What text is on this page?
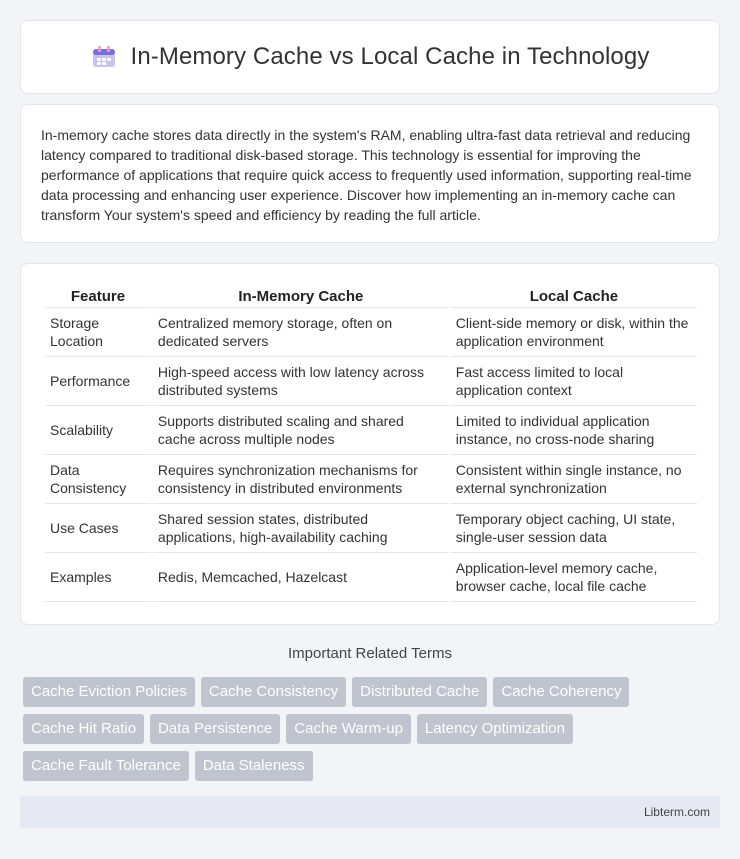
In-Memory Cache vs Local Cache in Technology

In-memory cache stores data directly in the system's RAM, enabling ultra-fast data retrieval and reducing latency compared to traditional disk-based storage. This technology is essential for improving the performance of applications that require quick access to frequently used information, supporting real-time data processing and enhancing user experience. Discover how implementing an in-memory cache can transform Your system's speed and efficiency by reading the full article.

Feature	In-Memory Cache	Local Cache
Storage Location	Centralized memory storage, often on dedicated servers	Client-side memory or disk, within the application environment
Performance	High-speed access with low latency across distributed systems	Fast access limited to local application context
Scalability	Supports distributed scaling and shared cache across multiple nodes	Limited to individual application instance, no cross-node sharing
Data Consistency	Requires synchronization mechanisms for consistency in distributed environments	Consistent within single instance, no external synchronization
Use Cases	Shared session states, distributed applications, high-availability caching	Temporary object caching, UI state, single-user session data
Examples	Redis, Memcached, Hazelcast	Application-level memory cache, browser cache, local file cache
Important Related Terms
Cache Eviction Policies	Cache Consistency	Distributed Cache	Cache Coherency
Cache Hit Ratio	Data Persistence	Cache Warm-up	Latency Optimization
Cache Fault Tolerance	Data Staleness
Libterm.com
